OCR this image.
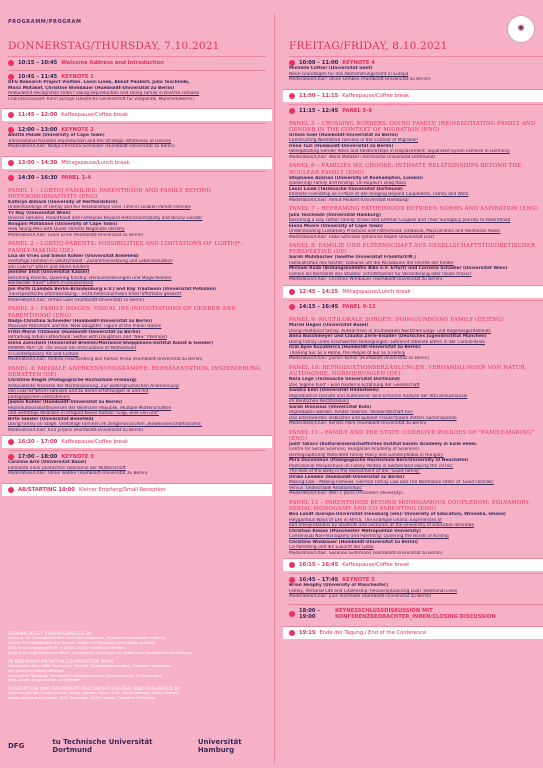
PROGRAMM/PROGRAM
✺
DONNERSTAG/THURSDAY, 7.10.2021
10:15 – 10:45 Welcome Address and Introduction
10:45 – 11:45 KEYNOTE 1
DFG Research Project Vielfam. Leoni Linek, Almut Peukert, Julia Teschlade,
Mona Motakef, Christine Wimbauer (Humboldt-Universität zu Berlin)
Ambivalent Recognition Order? Doing Reproduction and Doing Family in Diverse Families
Chair/Discussant: Karin Jurczyk (Deutsche Gesellschaft für Zeitpolitik, München/Berlin)
11:45 – 12:00 Kaffeepause/Coffee break
12:00 – 13:00 KEYNOTE 2
Amrita Pande (University of Cape Town)
Transnational Assisted Reproduction and the Strategic Whiteness of Desires
Moderation/Chair: Nadja-Christina Schneider (Humboldt-Universität zu Berlin)
13:00 – 14:30 Mittagspause/Lunch break
14:30 – 16:30 PANEL 1-4
PANEL 1 – LGBTIQ-FAMILIES: PARENTHOOD AND FAMILY BEYOND HETERONORMATIVITY (ENG)
Kathryn Almack (University of Hertfordshire)
Understandings of Family and Kin Relationships Over Time in Lesbian Parent Families
Yv Nay (Universität Wien)
Diverse Families: Parenthood and Family/ies beyond Heteronormativity and Binary Gender
Bongani Matabane (University of Cape Town)
How Young Men with Queer Parents Negotiate Identity
Moderation/Chair: Leoni Linek (Humboldt-Universität zu Berlin)
PANEL 2 – LGBTIQ-PARENTS: POSSIBILITIES AND LIMITATIONS OF LGBTIQ*-FAMILY-MAKING (DE)
Lisa de Vries und Simon Köhler (Universität Bielefeld)
Vielfältige Familien in Deutschland - Zusammensetzung und Lebenssituation
von LGBTQ* Eltern und deren Kindern
Jennifer Stoll (Universität Kassel)
Becoming Parents, Queering Kinship: Herausforderungen und Möglichkeiten
werdender trans* Eltern in Deutschland
Jon Parth (Lambda Berlin-Brandenburg e.V.) and Ray Trautwein (Universität Potsdam)
Transspezifische Elternberatung – nicht-heteronormativ trans*affirmativ gedacht
Moderation/Chair: Urmila Goel (Humboldt-Universität zu Berlin)
PANEL 3 – FAMILY IMAGES: VISUAL (RE-)NEGOTIATIONS OF GENDER AND PARENTHOOD (ENG)
Nadja-Christina Schneider (Humboldt-Universität zu Berlin)
Muscular Patriotism and the 'New Daughter' Figure of the Indian Nation
Fritzi-Marie Titzmann (Humboldt-Universität zu Berlin)
Reframing Indian Fatherhood: Selfies with Daughters and "New" Manhood
Elena Zanichelli (Universität Bremen/Marianne-Sheppmann-Institut Kunst & Gender)
MAMMA MIA! On The Visual (Re-)Articulation of Motherhood
in Contemporary Art and Culture
Moderation/Chair: Andrea Fleschenberg dos Ramos Pinéu (Humboldt-Universität zu Berlin)
PANEL 4: MEDIALE ANERKENNUNGSKÄMPFE: REPRÄSENTATION, INSZENIERUNG, DEBATTEN (DE)
Christine Riegel (Pädagogische Hochschule Freiburg)
Ambivalente Prozesse der Normalisierung. Zur widersprüchlichen Anerkennung
von LGBTIQ*Eltern-Familien und zu deren Erfahrungen in und mit
pädagogischen Institutionen.
Jasmin Köhler (Humboldt-Universität zu Berlin)
Reproduktionskontroversen der Weimarer Republik. Multiple Mutterschaften
und vielfältige Allianzen in Irmgard Keuns Roman "Gilgi, eine von uns"
Birte Giesler (Universität Bielefeld)
Doing Family on Stage. Vielfältige Familien im zeitgenössischen ‚Bioweissenschaftsdrama'
Moderation/Chair: Kira Jürjens (Humboldt-Universität zu Berlin)
16:30 – 17:00 Kaffeepause/Coffee break
17:00 – 18:00 KEYNOTE 3
Caroline Arni (Universität Basel)
Elemente einer politischen Ökonomie der Mutterschaft
Moderation/Chair: Ulrike Vedder (Humboldt-Universität zu Berlin)
AB/STARTING 18:00 Kleiner Empfang/Small Reception
FREITAG/FRIDAY, 8.10.2021
10:00 – 11:00 KEYNOTE 4
Michelle Cottier (Universität Genf)
Neue Grundlagen für das Abstammungsrecht in Europa
Moderation/Chair: Ulrike Lembke (Humboldt-Universität zu Berlin)
11:00 – 11:15 Kaffeepause/Coffee break
11:15 – 12:45 PANEL 5-8
PANEL 5 – CROSSING BORDERS, DOING FAMILY: (RE)NEGOTIATING FAMILY AND GENDER IN THE CONTEXT OF MIGRATION (ENG)
Urmila Goel (Humboldt-Universität zu Berlin)
Constructing Normative Families in the Context of Migration
Irene Tuzi (Humboldt-Universität zu Berlin)
Renegotiating Gender Roles and Relationships in Displacement: Separated Syrian Families in Germany
Moderation/Chair: Mona Motakef (Technische Universität Dortmund)
PANEL 6 – FAMILIES WE CHOOSE: INTIMATE RELATIONSHIPS BEYOND THE NUCLEAR FAMILY (ENG)
Stephanie Azarian (University of Roehampton, London)
Queer(ing) Family and Kinship. On Rupaul's Drag Race
Leoni Linek (Technische Universität Dortmund)
Intimate Friendship as a Place of (Be-)longing Beyond Coupledom, Family and Work
Moderation/Chair: Almut Peukert (Universität Hamburg)
PANEL 7 – REFRAMING FATHERHOOD BETWEEN NORMS AND ASPIRATION (ENG)
Julia Teschlade (Universität Hamburg)
Becoming a Gay Father Family: Israeli and German Couples and Their Surrogacy Journey to Parenthood
Elena Moore (University of Cape Town)
Understanding Customary Practices and Fatherhood: intlawulo, Masculinities and Relational Power
Moderation/Chair: Falko Schnicke (Johannes Kepler Universität Linz)
PANEL 8: FAMILIE UND ELTERNSCHAFT AUS GESELLSCHAFTSTHEORETISCHER PERSPEKTIVE (DE)
Sarah Mühlbacher (Goethe Universität Frankfurt/M.)
Familialismus des Rechts: Diskurse um die Paradoxien der Rechte der Kinder
Michael Raab (Bildungskollektiv Biko e.V. Erfurt) und Cornelia Schadler (Universität Wien)
Familie als Keimzelle des Staates: Schrittmacher für Veränderung oder lokale Praxis?
Moderation/Chair: Christine Wimbauer (Humboldt-Universität zu Berlin)
12:45 – 14:15 Mittagspause/Lunch break
14:15 – 16:45 PANEL 9-12
PANEL 9: MULTILOKALE SORGEN: DOING/UNDOING FAMILY (DE/ENG)
Muriel Degen (Universität Basel)
Doing multilocal family: Aufwachsen in multilokalen Nachtrennungs- und Regenbogenfamilien
Anna Buschmeyer und Claudia Zerle-Elsäßer (Deutsches Jugendinstitut München)
Doing Family unter erschwerten Bedingungen: Getrennt lebende Eltern in der Corona-Krise
Iclal Ayse Küçükkirca (Humboldt-Universität zu Berlin)
Thinking Sur as a Home, the People of Sur as a Family
Moderation/Chair: Jasmin Köhler (Humboldt-Universität zu Berlin)
PANEL 10: REPRODUKTIONSERZÄHLUNGEN: VERHANDLUNGEN VON NATUR, AUTONOMIE, NORMIERUNGEN (DE)
Nora Lege (Technische Universität Dortmund)
Das 'eigene Kind' - Eine moderne Erzählung der Gesellschaft
Sandra Emil (Universität Hildesheim)
Reproduktive Dienste und Autonomie: eine kritische Analyse der Altruismusklausel
im deutschen Rechtsdiskurs
Sarah Dionisius (Universität Köln)
Reproduktiv werden. Kinder machen, Verwandtschaft tun:
Das Elternwerden lesbischer und queerer Frauen*paare mittels Samenspende
Moderation/Chair: Kerstin Palm (Humboldt-Universität zu Berlin)
PANEL 11 – FAMILY AND THE STATE: COERCIVE POLICIES OF "FAMILY-MAKING" (ENG)
Judit Takacs (Kulturwissenschaftliches Institut Essen/ Academy in Exile ehem.
Centre for Social Sciences, Hungarian Academy of Sciences)
Demographically Motivated Family Policy and Genderphobia in Hungary
Mira Ducommun (Pädagogische Hochschule Bern/University of Neuchâtel)
Postcolonial Perspectives on Family Politics in Switzerland During the 1970s:
The Role of the Body in the Assessment of the "Good Family"
Ulrike Lembke (Humboldt-Universität zu Berlin)
Making Law – Making Families. German Family Law and The Normative Order of 'Good Families'
Versus 'Undesirable Relationships'
Moderation/Chair: Mari F. Jarris (Princeton University)
PANEL 12 – PARENTHOOD BEYOND MONOGAMOUS COUPLEDOM: POLYAMORY, SERIAL MONOGAMY AND CO-PARENTING (ENG)
Bea Lundt (Europa-Universität Flensburg (em)/ University of Education, Winneba, Ghana)
Polygamous Ways of Life in Africa. The Example Ghana. Experiences of
and Interpretations by Students and Lecturers at the University of Education Winneba
Christian Klesse (Manchester Metropolitan University)
Consensual Non-monogamy and Parenting: Queering the Bonds of Kinship
Christine Wimbauer (Humboldt-Universität zu Berlin)
Co-Parenting und die Zukunft der Liebe
Moderation/Chair: Susanne Gehrmann (Humboldt-Universität zu Berlin)
16:15 – 16:45 Kaffeepause/Coffee break
16:45 – 17:45 KEYNOTE 5
Brian Heaphy (University of Manchester)
Family, Personal Life and Citizenship: Reconceptualising LGBT Relational Lives
Moderation/Chair: Julia Teschlade (Humboldt-Universität zu Berlin)
18:00 – 19:00
KEYNESSCHLUSSDISKUSSION MIT KONFERENZBEOBACHTER_INNEN/CLOSING DISCUSSION
19:15 Ende der Tagung / End of the Conference
VERANSTALTET VON/ORGANIZED BY
Zentrum für Transdisziplinäre Geschlechterstudien, Humboldt-Universität zu Berlin
Center for Transdisciplinary Gender Studies at Humboldt-Universität zu Berlin
DFG-Forschungsprojekt Nr. 1 (2018–2021) Vielfältige Familien
Institut für Kulturwissenschaften, Lehrbereich Soziologie der Arbeit und Geschlechterverhältnisse
IN KOOPERATION MIT/IN COOPERATION WITH
Technische Universität Dortmund, Fakultät Sozialwissenschaften, Professur Soziologie
der Geschlechterverhältnisse
Universität Hamburg, Fachbereich Sozialökonomie, Juniorprofessur für Soziologie,
insb. Arbeit, Organisation und Gender
KONZEPTION UND ORGANISATION/CONCEPTUALIZED AND ORGANIZED BY
Gabriele Jähnert, Jasmin Köhler, Ulrike Lembke, Leoni Linek, Mona Motakef, Almut Peukert,
Nadja-Christina Schneider, Julia Teschlade, Ulrike Vedder, Christine Wimbauer
DFG	tu Technische Universität Dortmund
Universität Hamburg
